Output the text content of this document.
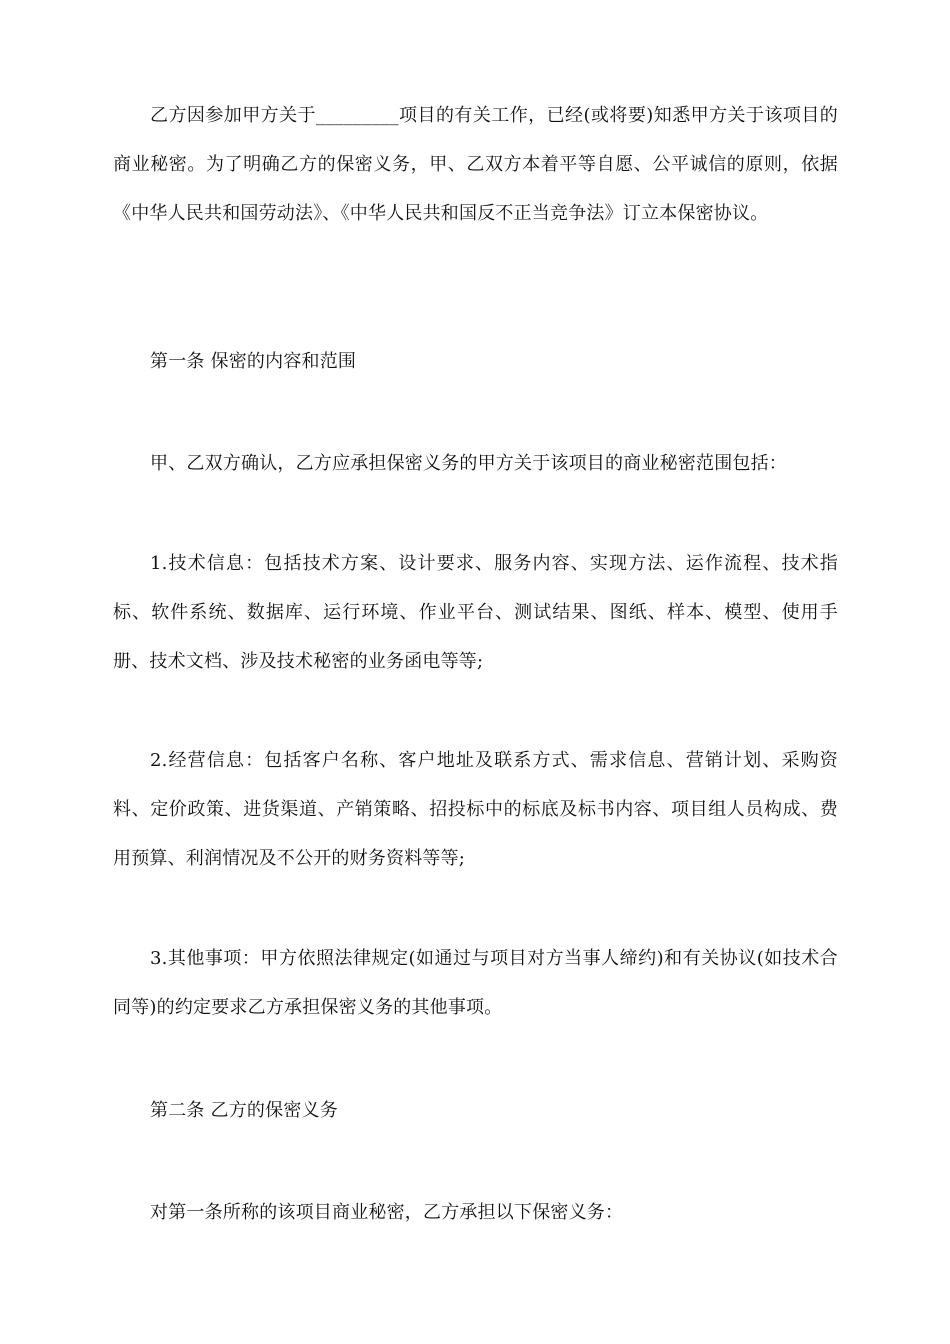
乙方因参加甲方关于_________项目的有关工作，已经(或将要)知悉甲方关于该项目的商业秘密。为了明确乙方的保密义务，甲、乙双方本着平等自愿、公平诚信的原则，依据《中华人民共和国劳动法》、《中华人民共和国反不正当竞争法》订立本保密协议。

第一条 保密的内容和范围

甲、乙双方确认，乙方应承担保密义务的甲方关于该项目的商业秘密范围包括：

1.技术信息：包括技术方案、设计要求、服务内容、实现方法、运作流程、技术指标、软件系统、数据库、运行环境、作业平台、测试结果、图纸、样本、模型、使用手册、技术文档、涉及技术秘密的业务函电等等;

2.经营信息：包括客户名称、客户地址及联系方式、需求信息、营销计划、采购资料、定价政策、进货渠道、产销策略、招投标中的标底及标书内容、项目组人员构成、费用预算、利润情况及不公开的财务资料等等;

3.其他事项：甲方依照法律规定(如通过与项目对方当事人缔约)和有关协议(如技术合同等)的约定要求乙方承担保密义务的其他事项。

第二条 乙方的保密义务

对第一条所称的该项目商业秘密，乙方承担以下保密义务：
